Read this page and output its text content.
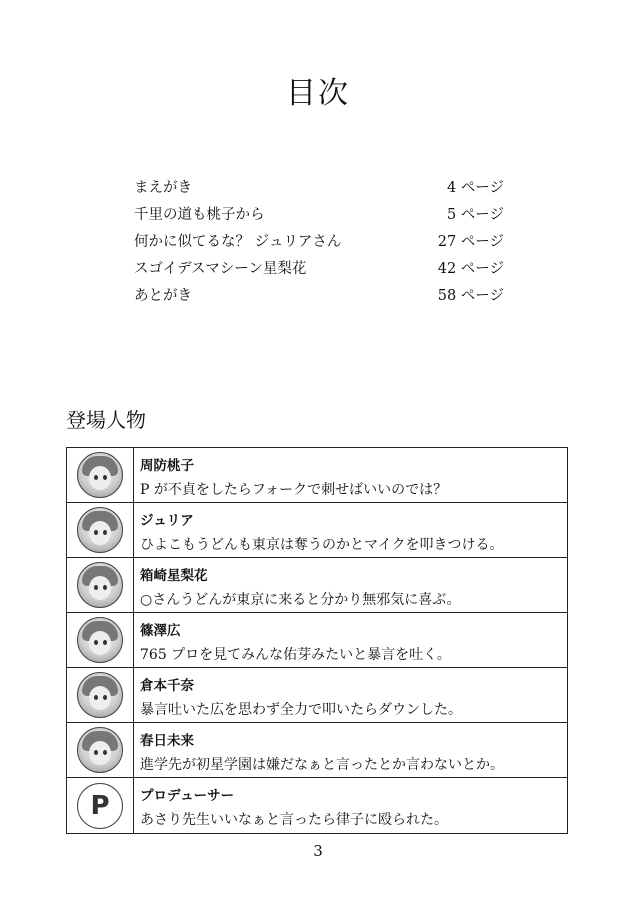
目次
まえがき	4 ページ
千里の道も桃子から	5 ページ
何かに似てるな？ ジュリアさん	27 ページ
スゴイデスマシーン星梨花	42 ページ
あとがき	58 ページ
登場人物
周防桃子
P が不貞をしたらフォークで刺せばいいのでは？
ジュリア
ひよこもうどんも東京は奪うのかとマイクを叩きつける。
箱崎星梨花
○さんうどんが東京に来ると分かり無邪気に喜ぶ。
篠澤広
765 プロを見てみんな佑芽みたいと暴言を吐く。
倉本千奈
暴言吐いた広を思わず全力で叩いたらダウンした。
春日未来
進学先が初星学園は嫌だなぁと言ったとか言わないとか。
P プロデューサー
あさり先生いいなぁと言ったら律子に殴られた。
3
